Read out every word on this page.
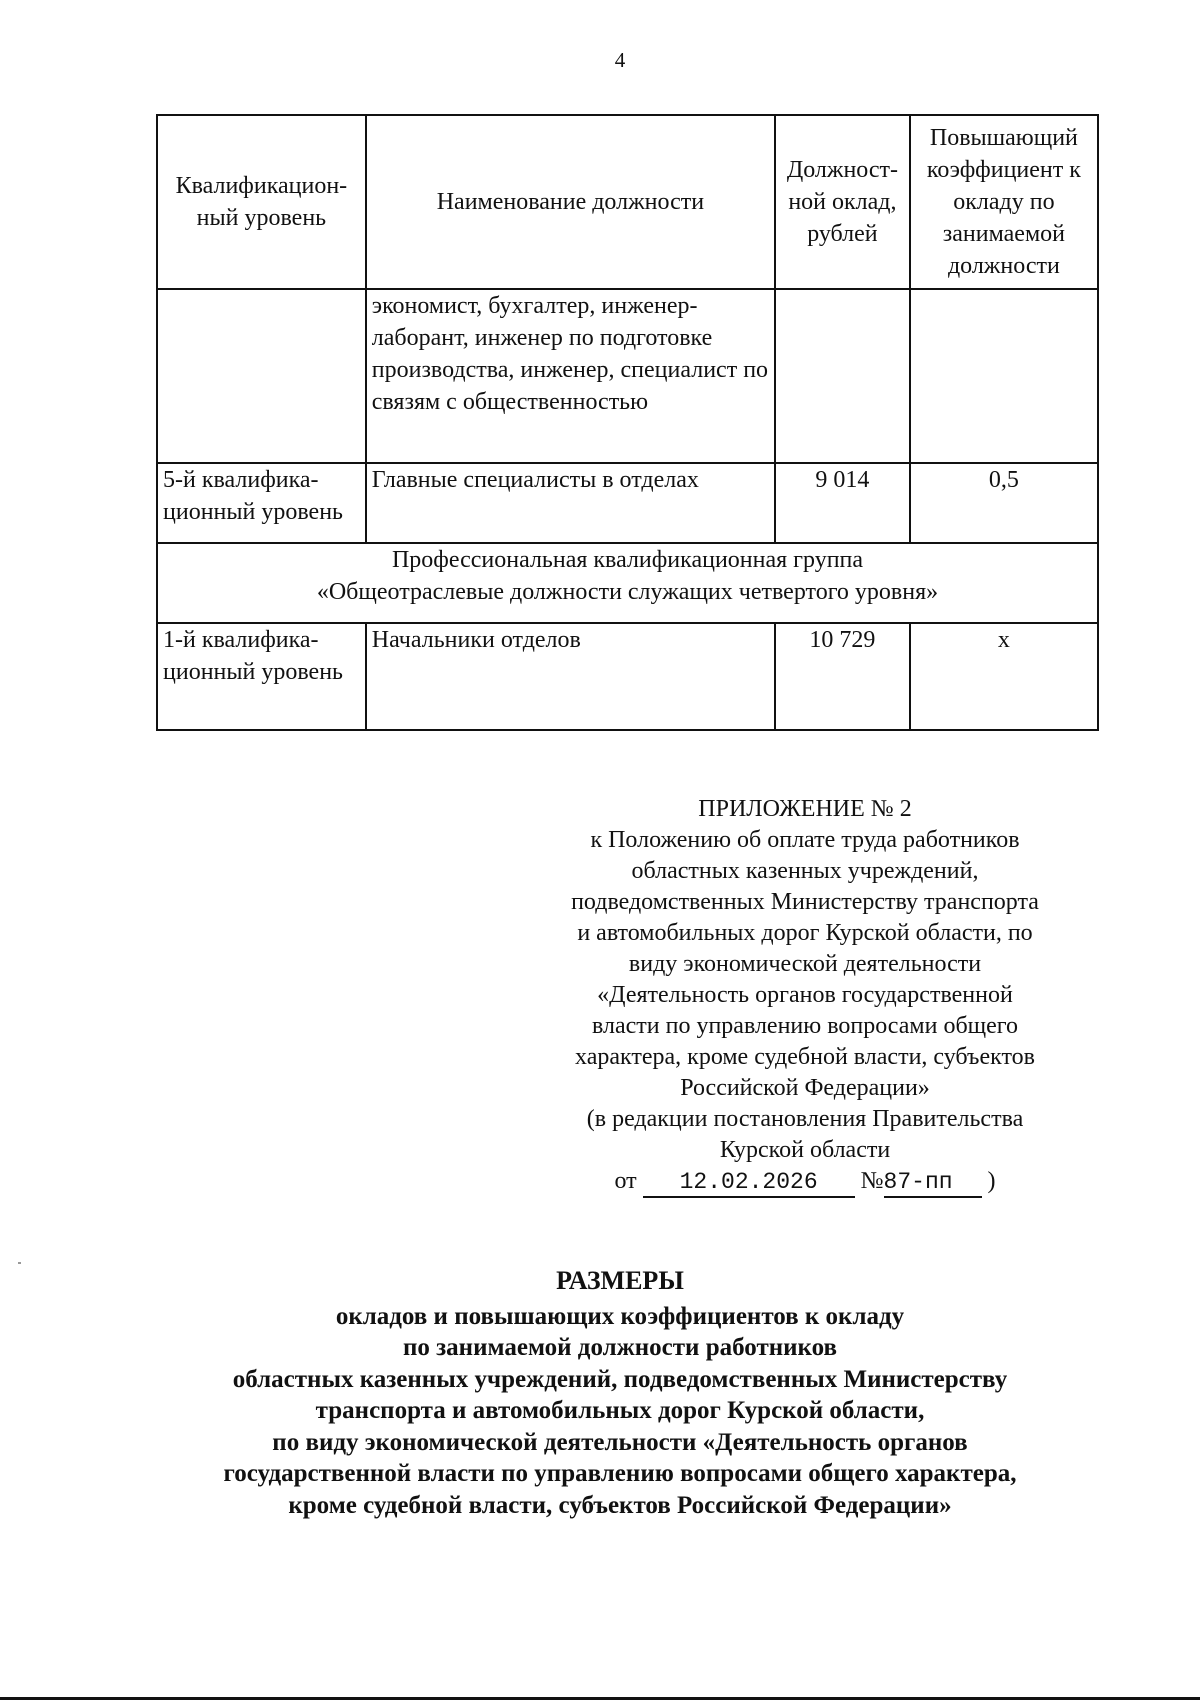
4
Квалификацион-ный уровень	Наименование должности	Должност-ной оклад, рублей	Повышающий коэффициент к окладу по занимаемой должности
	экономист, бухгалтер, инженер-лаборант, инженер по подготовке производства, инженер, специалист по связям с общественностью		
5-й квалифика-ционный уровень	Главные специалисты в отделах	9 014	0,5

Профессиональная квалификационная группа
«Общеотраслевые должности служащих четвертого уровня»			

1-й квалифика-ционный уровень	Начальники отделов	10 729	x
ПРИЛОЖЕНИЕ № 2
к Положению об оплате труда работников
областных казенных учреждений,
подведомственных Министерству транспорта
и автомобильных дорог Курской области, по
виду экономической деятельности
«Деятельность органов государственной
власти по управлению вопросами общего
характера, кроме судебной власти, субъектов
Российской Федерации»
(в редакции постановления Правительства
Курской области
от 12.02.2026 №87-пп )
РАЗМЕРЫ
окладов и повышающих коэффициентов к окладу
по занимаемой должности работников
областных казенных учреждений, подведомственных Министерству
транспорта и автомобильных дорог Курской области,
по виду экономической деятельности «Деятельность органов
государственной власти по управлению вопросами общего характера,
кроме судебной власти, субъектов Российской Федерации»
